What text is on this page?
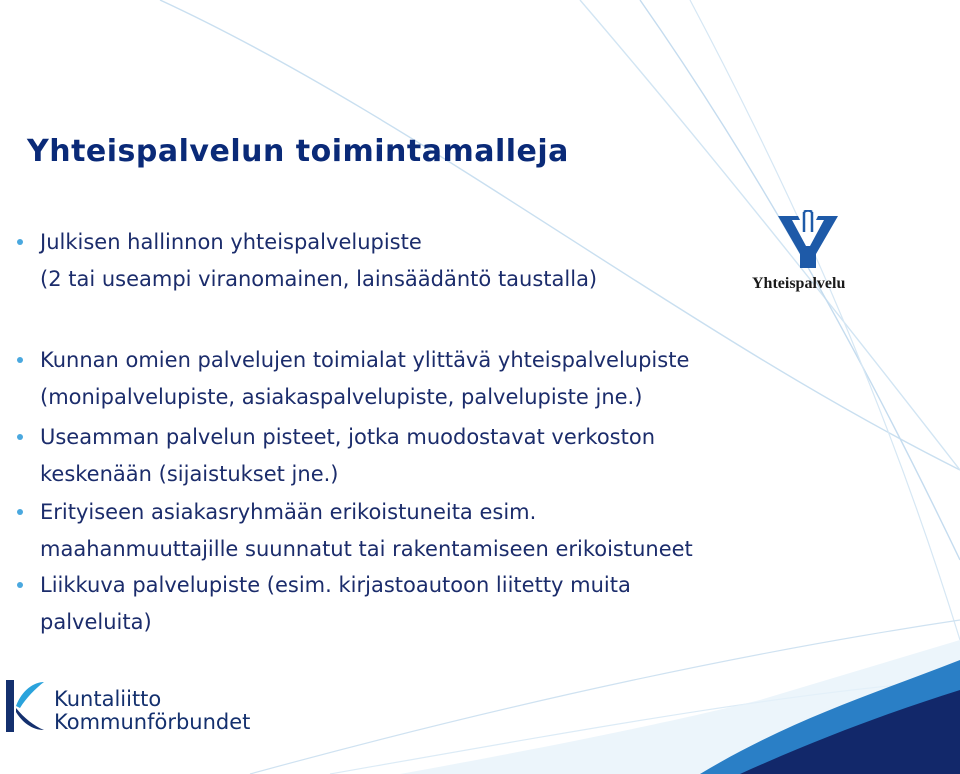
Yhteispalvelun toimintamalleja
Julkisen hallinnon yhteispalvelupiste
(2 tai useampi viranomainen, lainsäädäntö taustalla)
Kunnan omien palvelujen toimialat ylittävä yhteispalvelupiste
(monipalvelupiste, asiakaspalvelupiste, palvelupiste jne.)
Useamman palvelun pisteet, jotka muodostavat verkoston
keskenään (sijaistukset jne.)
Erityiseen asiakasryhmään erikoistuneita esim.
maahanmuuttajille suunnatut tai rakentamiseen erikoistuneet
Liikkuva palvelupiste (esim. kirjastoautoon liitetty muita
palveluita)
Yhteispalvelu
Kuntaliitto
Kommunförbundet
